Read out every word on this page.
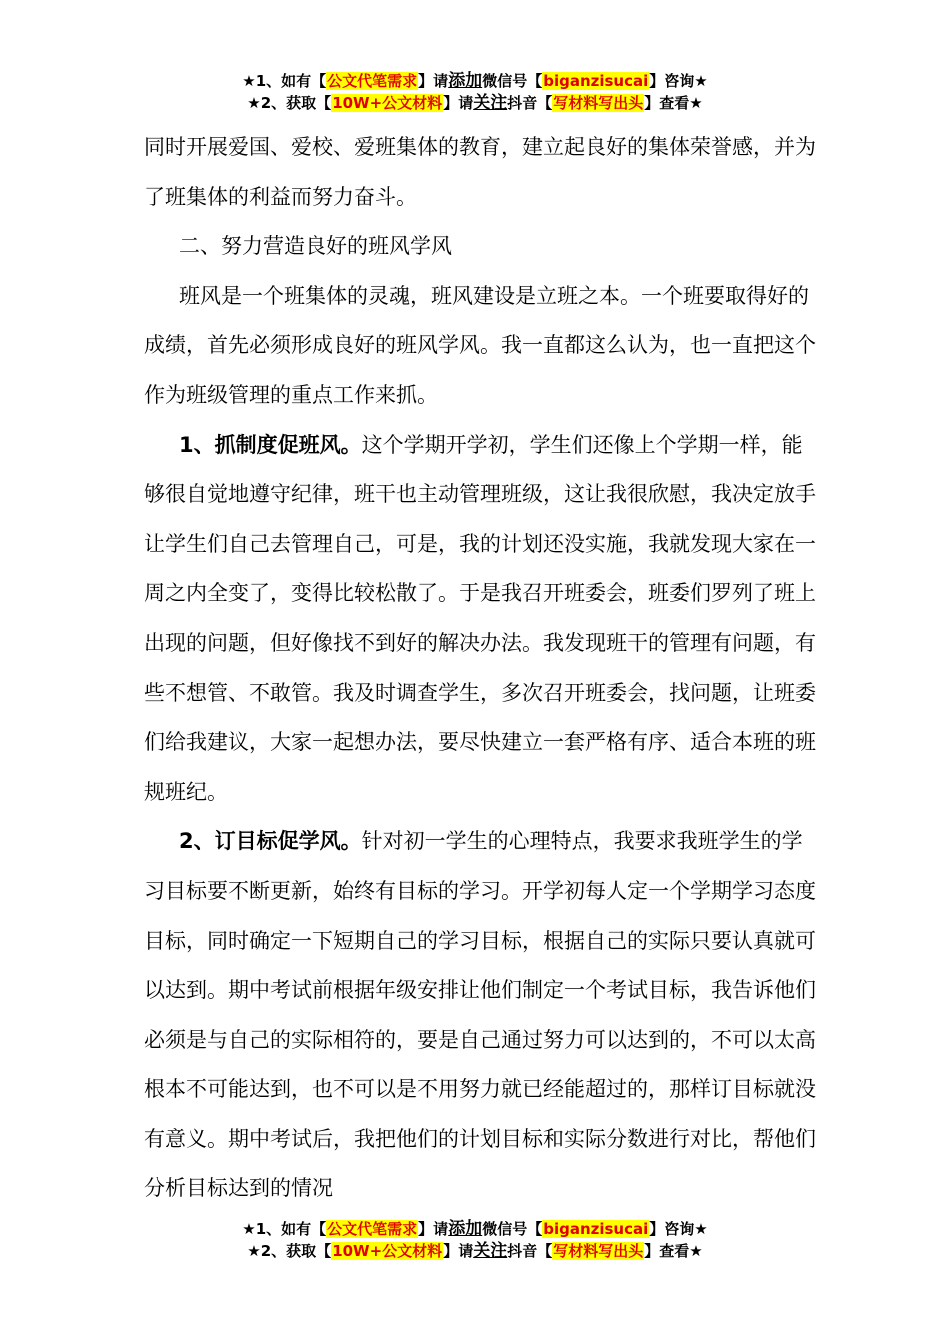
★1、如有【公文代笔需求】请添加微信号【biganzisucai】咨询★
★2、获取【10W+公文材料】请关注抖音【写材料写出头】查看★

同时开展爱国、爱校、爱班集体的教育，建立起良好的集体荣誉感，并为了班集体的利益而努力奋斗。

二、努力营造良好的班风学风

班风是一个班集体的灵魂，班风建设是立班之本。一个班要取得好的成绩，首先必须形成良好的班风学风。我一直都这么认为，也一直把这个作为班级管理的重点工作来抓。

1、抓制度促班风。这个学期开学初，学生们还像上个学期一样，能够很自觉地遵守纪律，班干也主动管理班级，这让我很欣慰，我决定放手让学生们自己去管理自己，可是，我的计划还没实施，我就发现大家在一周之内全变了，变得比较松散了。于是我召开班委会，班委们罗列了班上出现的问题，但好像找不到好的解决办法。我发现班干的管理有问题，有些不想管、不敢管。我及时调查学生，多次召开班委会，找问题，让班委们给我建议，大家一起想办法，要尽快建立一套严格有序、适合本班的班规班纪。

2、订目标促学风。针对初一学生的心理特点，我要求我班学生的学习目标要不断更新，始终有目标的学习。开学初每人定一个学期学习态度目标，同时确定一下短期自己的学习目标，根据自己的实际只要认真就可以达到。期中考试前根据年级安排让他们制定一个考试目标，我告诉他们必须是与自己的实际相符的，要是自己通过努力可以达到的，不可以太高根本不可能达到，也不可以是不用努力就已经能超过的，那样订目标就没有意义。期中考试后，我把他们的计划目标和实际分数进行对比，帮他们分析目标达到的情况

★1、如有【公文代笔需求】请添加微信号【biganzisucai】咨询★
★2、获取【10W+公文材料】请关注抖音【写材料写出头】查看★
